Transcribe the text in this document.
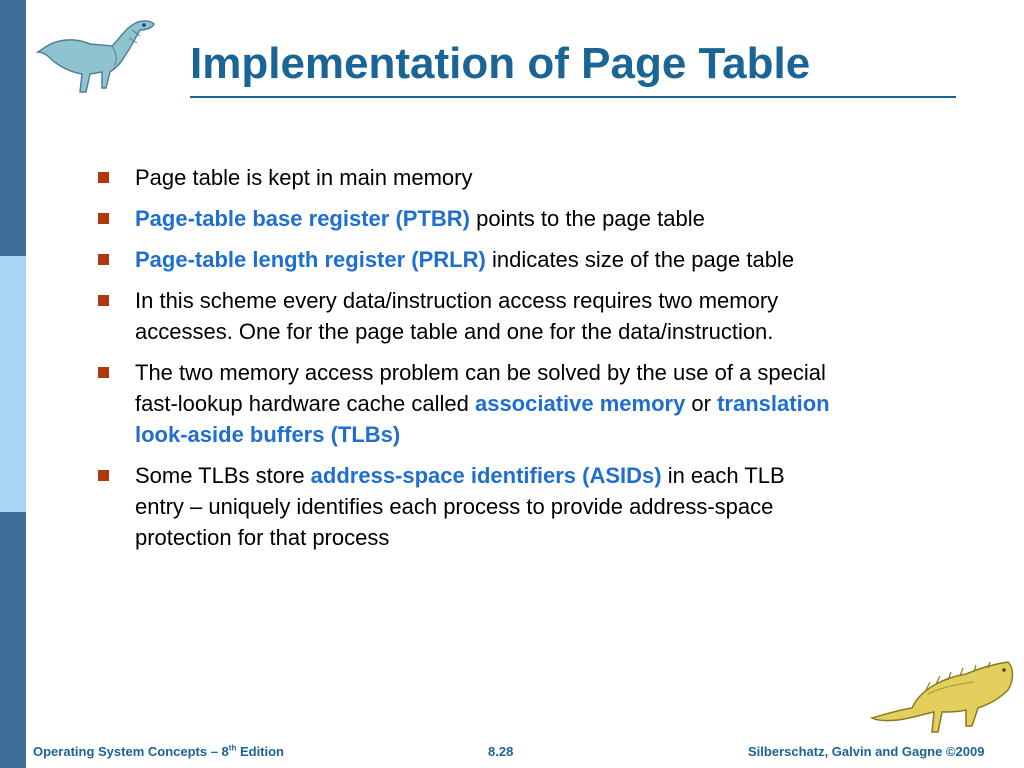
Implementation of Page Table
Page table is kept in main memory
Page-table base register (PTBR) points to the page table
Page-table length register (PRLR) indicates size of the page table
In this scheme every data/instruction access requires two memory accesses. One for the page table and one for the data/instruction.
The two memory access problem can be solved by the use of a special fast-lookup hardware cache called associative memory or translation look-aside buffers (TLBs)
Some TLBs store address-space identifiers (ASIDs) in each TLB entry – uniquely identifies each process to provide address-space protection for that process
Operating System Concepts – 8th Edition	8.28	Silberschatz, Galvin and Gagne ©2009
